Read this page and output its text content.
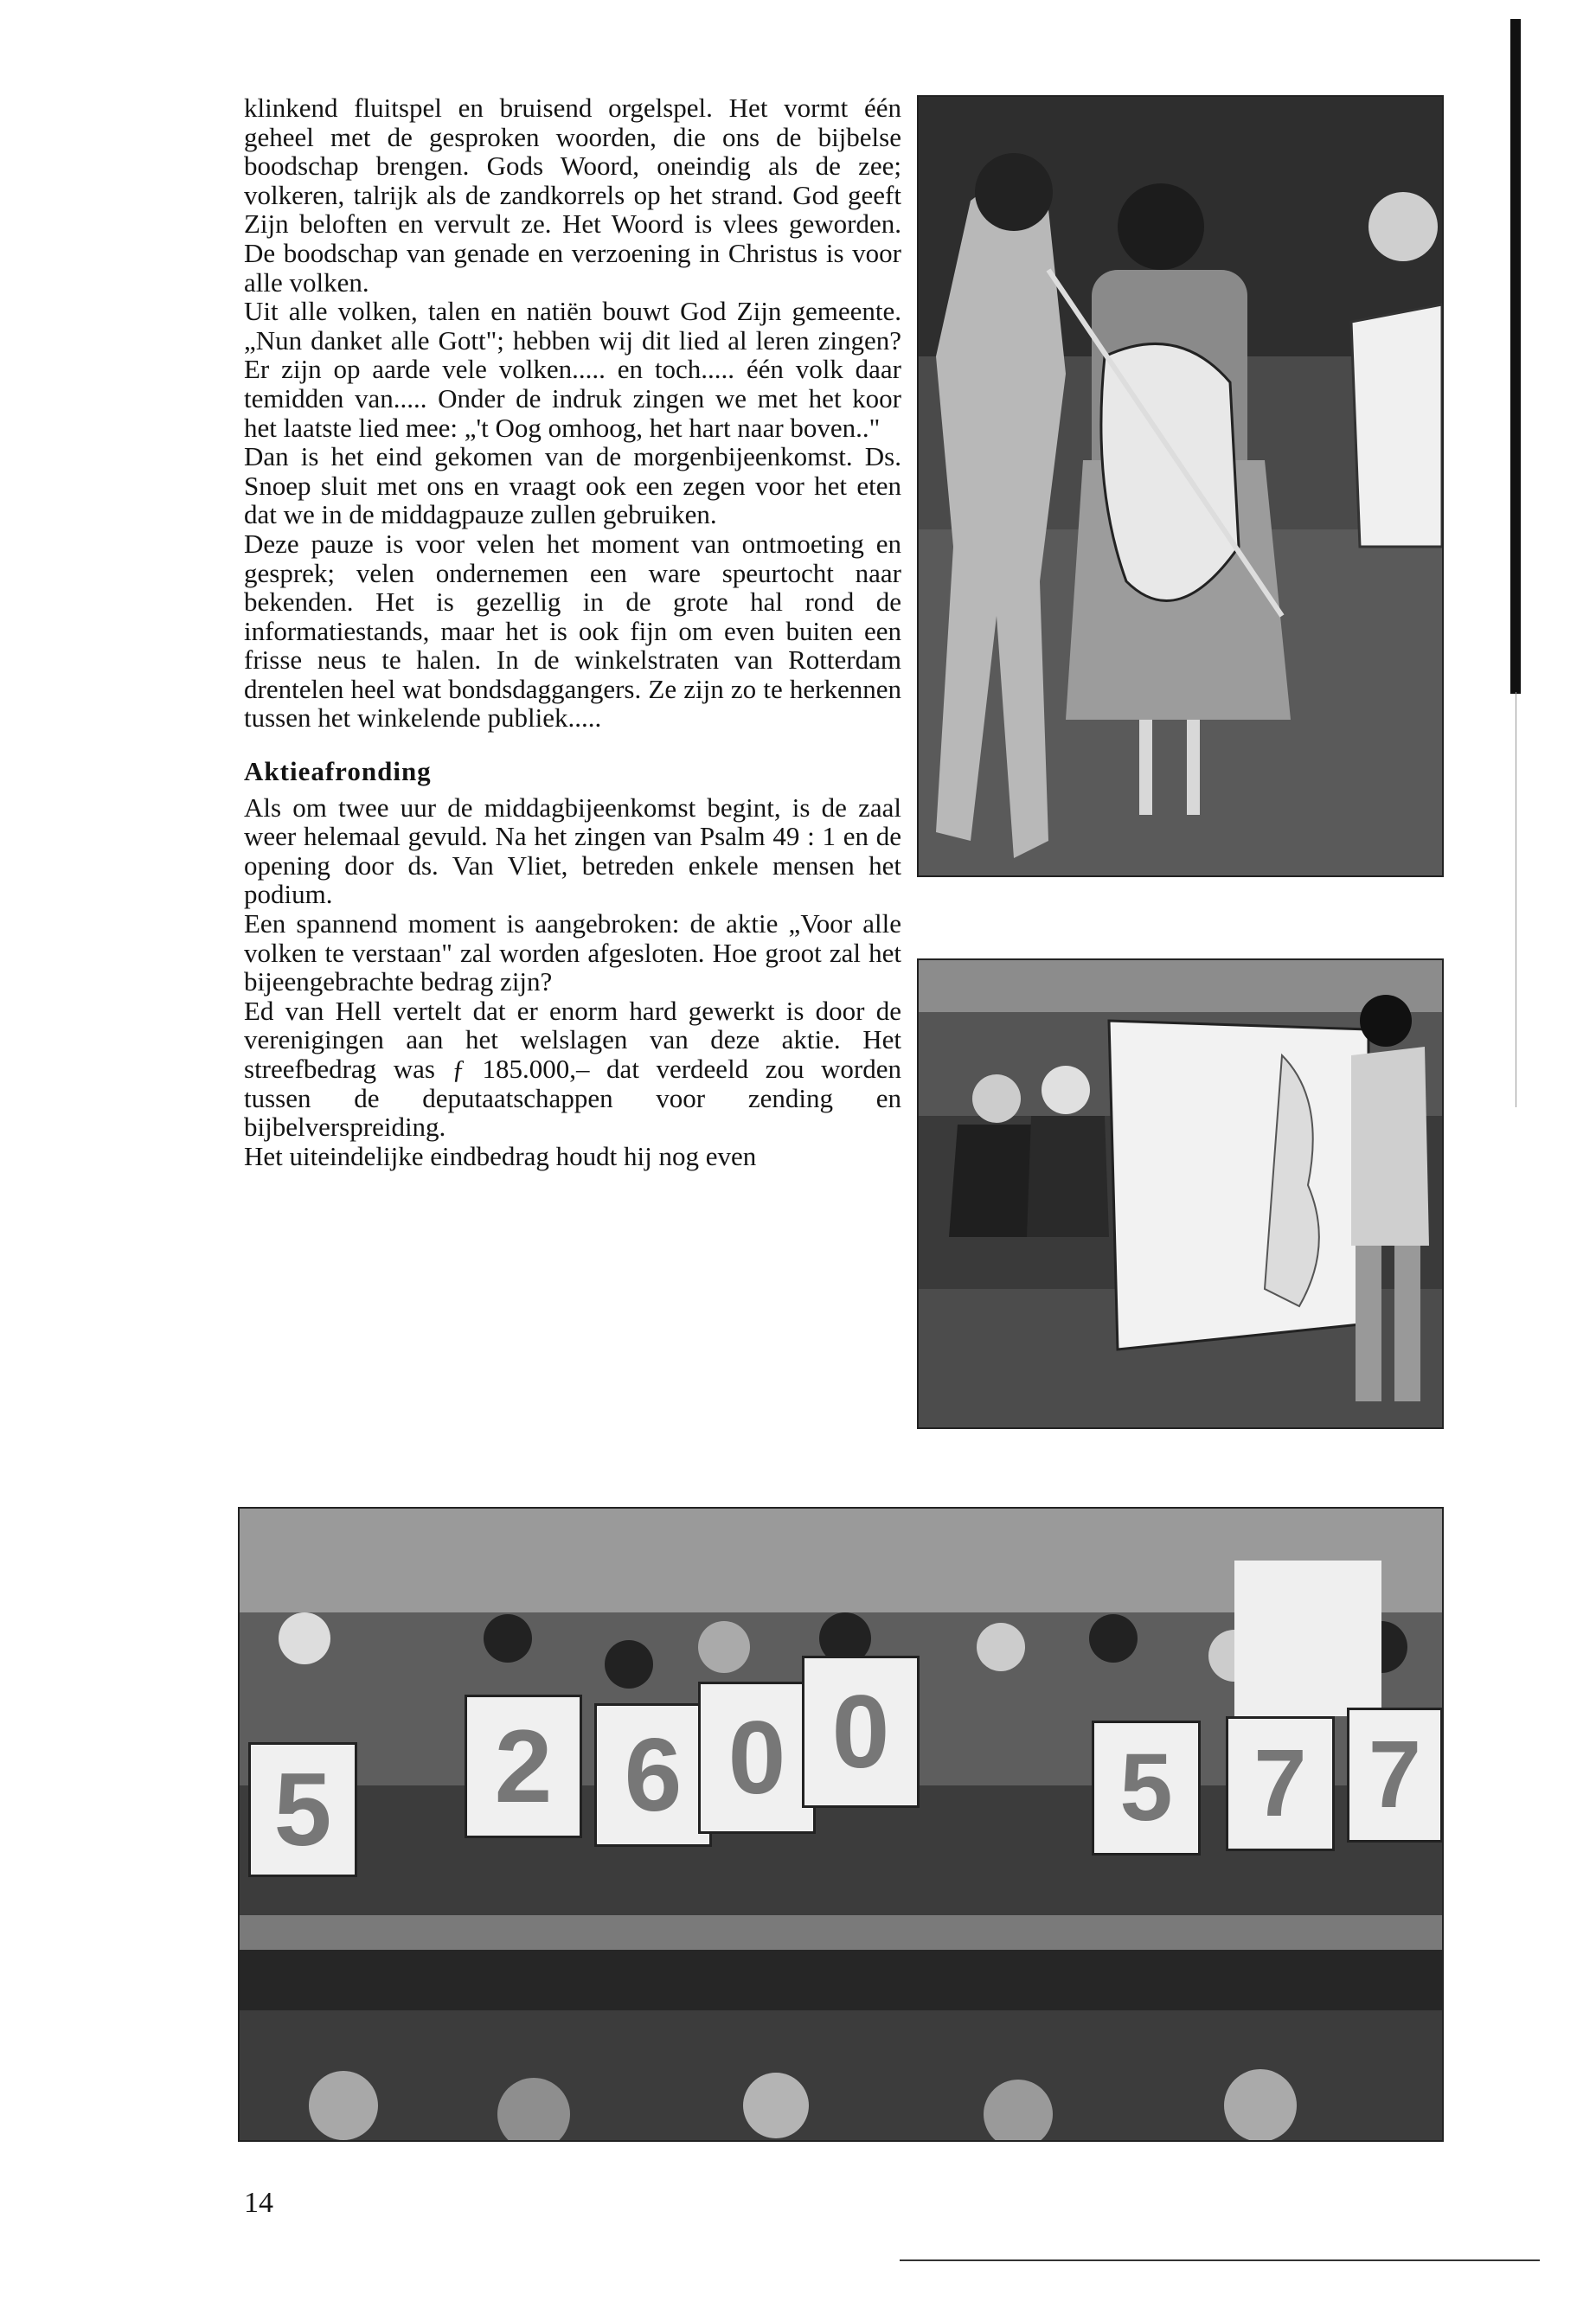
klinkend fluitspel en bruisend orgelspel. Het vormt één geheel met de gesproken woorden, die ons de bijbelse boodschap brengen. Gods Woord, oneindig als de zee; volkeren, talrijk als de zandkorrels op het strand. God geeft Zijn beloften en vervult ze. Het Woord is vlees geworden. De boodschap van genade en verzoening in Christus is voor alle volken.

Uit alle volken, talen en natiën bouwt God Zijn gemeente. „Nun danket alle Gott"; hebben wij dit lied al leren zingen? Er zijn op aarde vele volken..... en toch..... één volk daar temidden van..... Onder de indruk zingen we met het koor het laatste lied mee: „'t Oog omhoog, het hart naar boven.."

Dan is het eind gekomen van de morgenbijeenkomst. Ds. Snoep sluit met ons en vraagt ook een zegen voor het eten dat we in de middagpauze zullen gebruiken.

Deze pauze is voor velen het moment van ontmoeting en gesprek; velen ondernemen een ware speurtocht naar bekenden. Het is gezellig in de grote hal rond de informatiestands, maar het is ook fijn om even buiten een frisse neus te halen. In de winkelstraten van Rotterdam drentelen heel wat bondsdaggangers. Ze zijn zo te herkennen tussen het winkelende publiek.....

Aktieafronding

Als om twee uur de middagbijeenkomst begint, is de zaal weer helemaal gevuld. Na het zingen van Psalm 49 : 1 en de opening door ds. Van Vliet, betreden enkele mensen het podium.

Een spannend moment is aangebroken: de aktie „Voor alle volken te verstaan" zal worden afgesloten. Hoe groot zal het bijeengebrachte bedrag zijn?

Ed van Hell vertelt dat er enorm hard gewerkt is door de verenigingen aan het welslagen van deze aktie. Het streefbedrag was ƒ 185.000,– dat verdeeld zou worden tussen de deputaatschappen voor zending en bijbelverspreiding.

Het uiteindelijke eindbedrag houdt hij nog even

5 2 6 0 0	5 7 7
14
